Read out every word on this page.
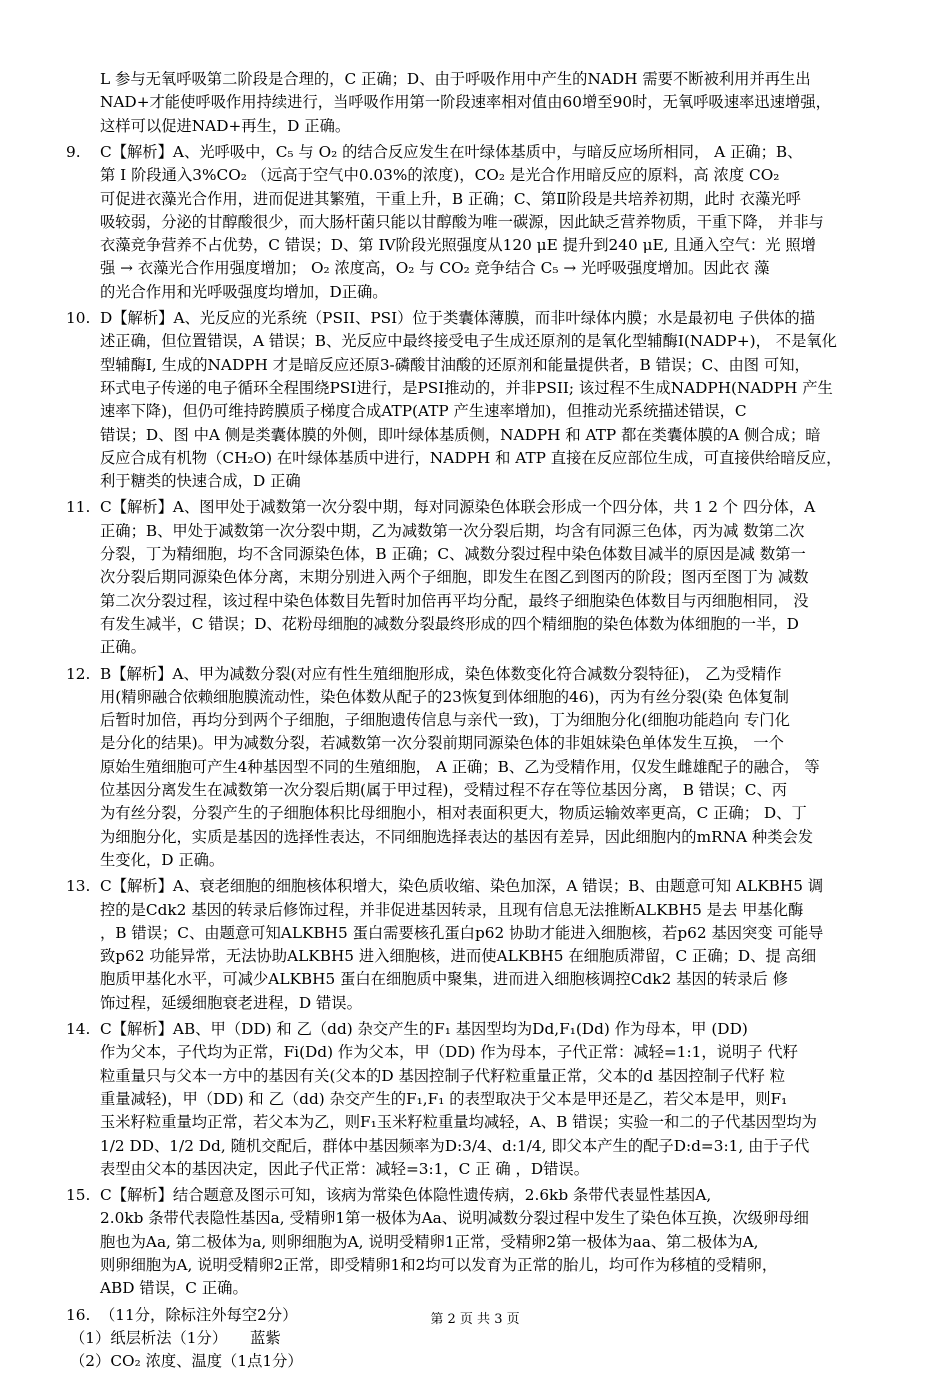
L 参与无氧呼吸第二阶段是合理的，C 正确；D、由于呼吸作用中产生的NADH 需要不断被利用并再生出
NAD+才能使呼吸作用持续进行，当呼吸作用第一阶段速率相对值由60增至90时，无氧呼吸速率迅速增强，
这样可以促进NAD+再生，D 正确。
9. C【解析】A、光呼吸中，C₅ 与 O₂ 的结合反应发生在叶绿体基质中，与暗反应场所相同， A 正确；B、
第 I 阶段通入3%CO₂ （远高于空气中0.03%的浓度)，CO₂ 是光合作用暗反应的原料，高 浓度 CO₂
可促进衣藻光合作用，进而促进其繁殖，干重上升，B 正确；C、第Ⅱ阶段是共培养初期，此时 衣藻光呼
吸较弱，分泌的甘醇酸很少，而大肠杆菌只能以甘醇酸为唯一碳源，因此缺乏营养物质，干重下降， 并非与
衣藻竞争营养不占优势，C 错误；D、第 IV阶段光照强度从120 μE 提升到240 μE, 且通入空气：光 照增
强 → 衣藻光合作用强度增加； O₂ 浓度高，O₂ 与 CO₂ 竞争结合 C₅ → 光呼吸强度增加。因此衣 藻
的光合作用和光呼吸强度均增加，D正确。
10. D【解析】A、光反应的光系统（PSII、PSI）位于类囊体薄膜，而非叶绿体内膜；水是最初电 子供体的描
述正确，但位置错误，A 错误；B、光反应中最终接受电子生成还原剂的是氧化型辅酶I(NADP+)， 不是氧化
型辅酶I, 生成的NADPH 才是暗反应还原3-磷酸甘油酸的还原剂和能量提供者，B 错误；C、由图 可知，
环式电子传递的电子循环全程围绕PSI进行，是PSI推动的，并非PSII; 该过程不生成NADPH(NADPH 产生
速率下降)，但仍可维持跨膜质子梯度合成ATP(ATP 产生速率增加)，但推动光系统描述错误，C
错误；D、图 中A 侧是类囊体膜的外侧，即叶绿体基质侧，NADPH 和 ATP 都在类囊体膜的A 侧合成；暗
反应合成有机物（CH₂O) 在叶绿体基质中进行，NADPH 和 ATP 直接在反应部位生成，可直接供给暗反应，
利于糖类的快速合成，D 正确
11. C【解析】A、图甲处于减数第一次分裂中期，每对同源染色体联会形成一个四分体，共 1 2 个 四分体，A
正确；B、甲处于减数第一次分裂中期，乙为减数第一次分裂后期，均含有同源三色体，丙为减 数第二次
分裂，丁为精细胞，均不含同源染色体，B 正确；C、减数分裂过程中染色体数目减半的原因是减 数第一
次分裂后期同源染色体分离，末期分别进入两个子细胞，即发生在图乙到图丙的阶段；图丙至图丁为 减数
第二次分裂过程，该过程中染色体数目先暂时加倍再平均分配，最终子细胞染色体数目与丙细胞相同， 没
有发生减半，C 错误；D、花粉母细胞的减数分裂最终形成的四个精细胞的染色体数为体细胞的一半，D
正确。
12. B【解析】A、甲为减数分裂(对应有性生殖细胞形成，染色体数变化符合减数分裂特征)， 乙为受精作
用(精卵融合依赖细胞膜流动性，染色体数从配子的23恢复到体细胞的46)，丙为有丝分裂(染 色体复制
后暂时加倍，再均分到两个子细胞，子细胞遗传信息与亲代一致)，丁为细胞分化(细胞功能趋向 专门化
是分化的结果)。甲为减数分裂，若减数第一次分裂前期同源染色体的非姐妹染色单体发生互换， 一个
原始生殖细胞可产生4种基因型不同的生殖细胞， A 正确；B、乙为受精作用，仅发生雌雄配子的融合， 等
位基因分离发生在减数第一次分裂后期(属于甲过程)，受精过程不存在等位基因分离， B 错误；C、丙
为有丝分裂，分裂产生的子细胞体积比母细胞小，相对表面积更大，物质运输效率更高，C 正确； D、丁
为细胞分化，实质是基因的选择性表达，不同细胞选择表达的基因有差异，因此细胞内的mRNA 种类会发
生变化，D 正确。
13. C【解析】A、衰老细胞的细胞核体积增大，染色质收缩、染色加深，A 错误；B、由题意可知 ALKBH5 调
控的是Cdk2 基因的转录后修饰过程，并非促进基因转录，且现有信息无法推断ALKBH5 是去 甲基化酶
，B 错误；C、由题意可知ALKBH5 蛋白需要核孔蛋白p62 协助才能进入细胞核，若p62 基因突变 可能导
致p62 功能异常，无法协助ALKBH5 进入细胞核，进而使ALKBH5 在细胞质滞留，C 正确；D、提 高细
胞质甲基化水平，可减少ALKBH5 蛋白在细胞质中聚集，进而进入细胞核调控Cdk2 基因的转录后 修
饰过程，延缓细胞衰老进程，D 错误。
14. C【解析】AB、甲（DD) 和 乙（dd) 杂交产生的F₁ 基因型均为Dd,F₁(Dd) 作为母本，甲 (DD)
作为父本，子代均为正常，Fi(Dd) 作为父本，甲（DD) 作为母本，子代正常：减轻=1:1，说明子 代籽
粒重量只与父本一方中的基因有关(父本的D 基因控制子代籽粒重量正常，父本的d 基因控制子代籽 粒
重量减轻)，甲（DD) 和 乙（dd) 杂交产生的F₁,F₁ 的表型取决于父本是甲还是乙，若父本是甲，则F₁
玉米籽粒重量均正常，若父本为乙，则F₁玉米籽粒重量均减轻，A、B 错误；实验一和二的子代基因型均为
1/2 DD、1/2 Dd, 随机交配后，群体中基因频率为D:3/4、d:1/4, 即父本产生的配子D:d=3:1, 由于子代
表型由父本的基因决定，因此子代正常：减轻=3:1，C 正 确 ，D错误。
15. C【解析】结合题意及图示可知，该病为常染色体隐性遗传病，2.6kb 条带代表显性基因A,
2.0kb 条带代表隐性基因a, 受精卵1第一极体为Aa、说明减数分裂过程中发生了染色体互换，次级卵母细
胞也为Aa, 第二极体为a, 则卵细胞为A, 说明受精卵1正常，受精卵2第一极体为aa、第二极体为A,
则卵细胞为A, 说明受精卵2正常，即受精卵1和2均可以发育为正常的胎儿，均可作为移植的受精卵，
ABD 错误，C 正确。
16. （11分，除标注外每空2分）
（1）纸层析法（1分）　　蓝紫
（2）CO₂ 浓度、温度（1点1分）
第 2 页 共 3 页
